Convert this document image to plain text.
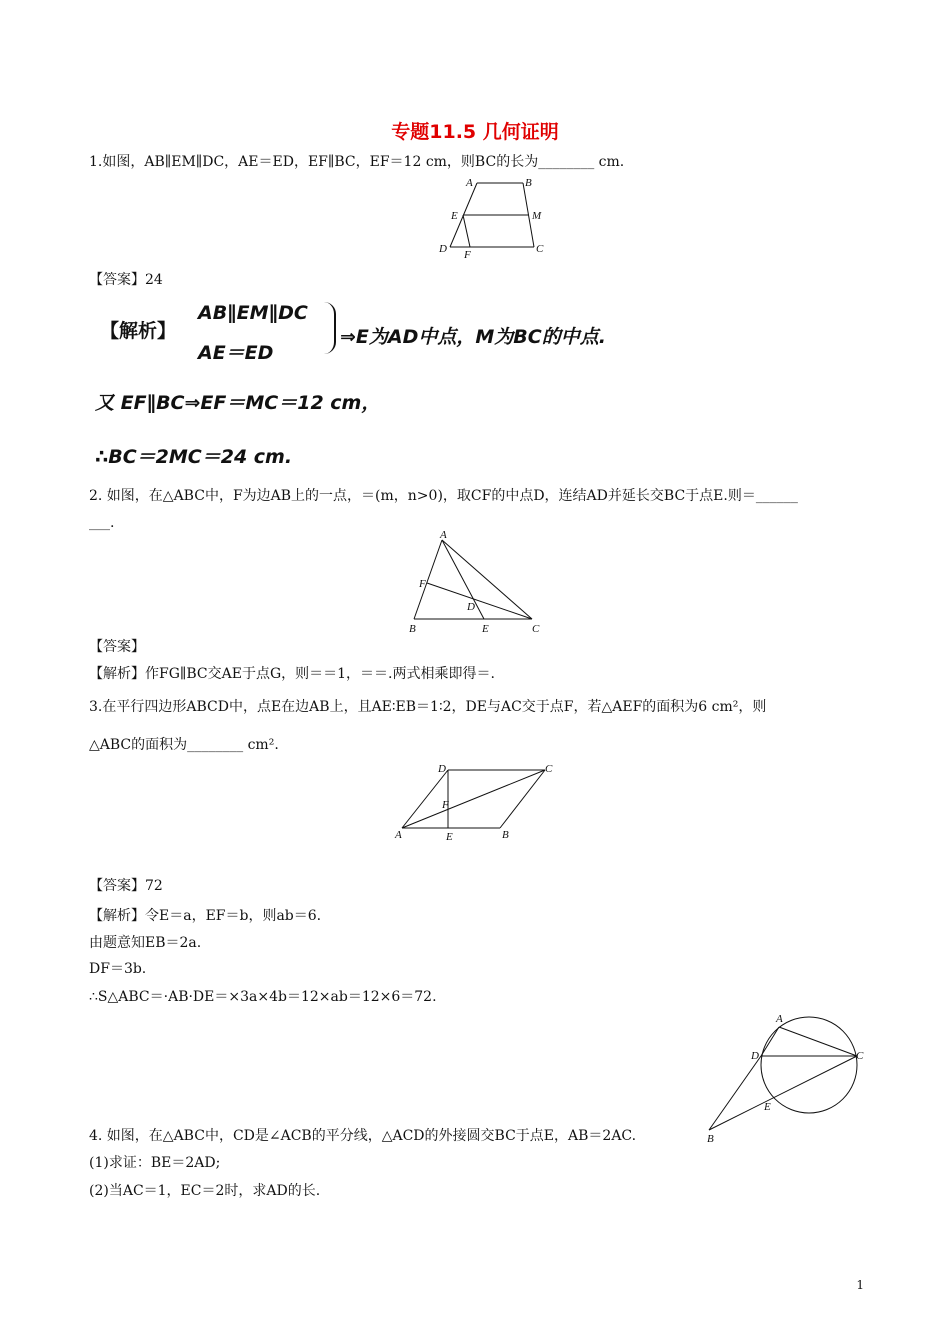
专题11.5 几何证明
1.如图，AB∥EM∥DC，AE＝ED，EF∥BC，EF＝12 cm，则BC的长为________ cm.
A	B
E	M
D F	C
【答案】24
【解析】
AB∥EM∥DC
AE＝ED
⇒E为AD中点，M为BC的中点.
又 EF∥BC⇒EF＝MC＝12 cm，
∴BC＝2MC＝24 cm.
2. 如图，在△ABC中，F为边AB上的一点，＝(m，n>0)，取CF的中点D，连结AD并延长交BC于点E.则＝______
___.
A
F
D
B	E	C
【答案】
【解析】作FG∥BC交AE于点G，则＝＝1，＝＝.两式相乘即得＝.
3.在平行四边形ABCD中，点E在边AB上，且AE∶EB＝1∶2，DE与AC交于点F，若△AEF的面积为6 cm²，则
△ABC的面积为________ cm².
D	C
F
A	E	B
【答案】72
【解析】令E＝a，EF＝b，则ab＝6.
由题意知EB＝2a.
DF＝3b.
∴S△ABC＝·AB·DE＝×3a×4b＝12×ab＝12×6＝72.
A
D	C
E
B
4. 如图，在△ABC中，CD是∠ACB的平分线，△ACD的外接圆交BC于点E，AB＝2AC.
(1)求证：BE＝2AD;
(2)当AC＝1，EC＝2时，求AD的长.
1
